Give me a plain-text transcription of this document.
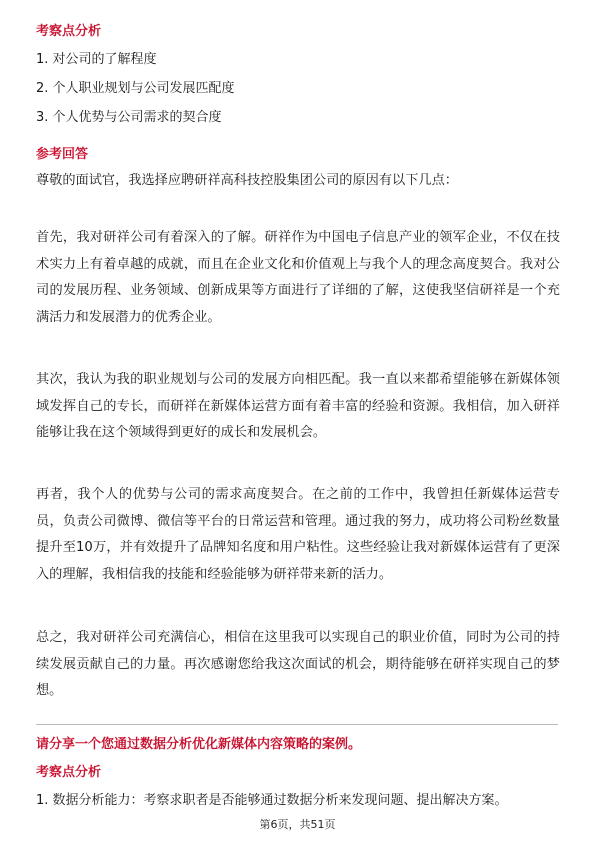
考察点分析
1. 对公司的了解程度
2. 个人职业规划与公司发展匹配度
3. 个人优势与公司需求的契合度
参考回答
尊敬的面试官，我选择应聘研祥高科技控股集团公司的原因有以下几点：
首先，我对研祥公司有着深入的了解。研祥作为中国电子信息产业的领军企业，不仅在技术实力上有着卓越的成就，而且在企业文化和价值观上与我个人的理念高度契合。我对公司的发展历程、业务领域、创新成果等方面进行了详细的了解，这使我坚信研祥是一个充满活力和发展潜力的优秀企业。
其次，我认为我的职业规划与公司的发展方向相匹配。我一直以来都希望能够在新媒体领域发挥自己的专长，而研祥在新媒体运营方面有着丰富的经验和资源。我相信，加入研祥能够让我在这个领域得到更好的成长和发展机会。
再者，我个人的优势与公司的需求高度契合。在之前的工作中，我曾担任新媒体运营专员，负责公司微博、微信等平台的日常运营和管理。通过我的努力，成功将公司粉丝数量提升至10万，并有效提升了品牌知名度和用户粘性。这些经验让我对新媒体运营有了更深入的理解，我相信我的技能和经验能够为研祥带来新的活力。
总之，我对研祥公司充满信心，相信在这里我可以实现自己的职业价值，同时为公司的持续发展贡献自己的力量。再次感谢您给我这次面试的机会，期待能够在研祥实现自己的梦想。
请分享一个您通过数据分析优化新媒体内容策略的案例。
考察点分析
1. 数据分析能力：考察求职者是否能够通过数据分析来发现问题、提出解决方案。
第6页，共51页
